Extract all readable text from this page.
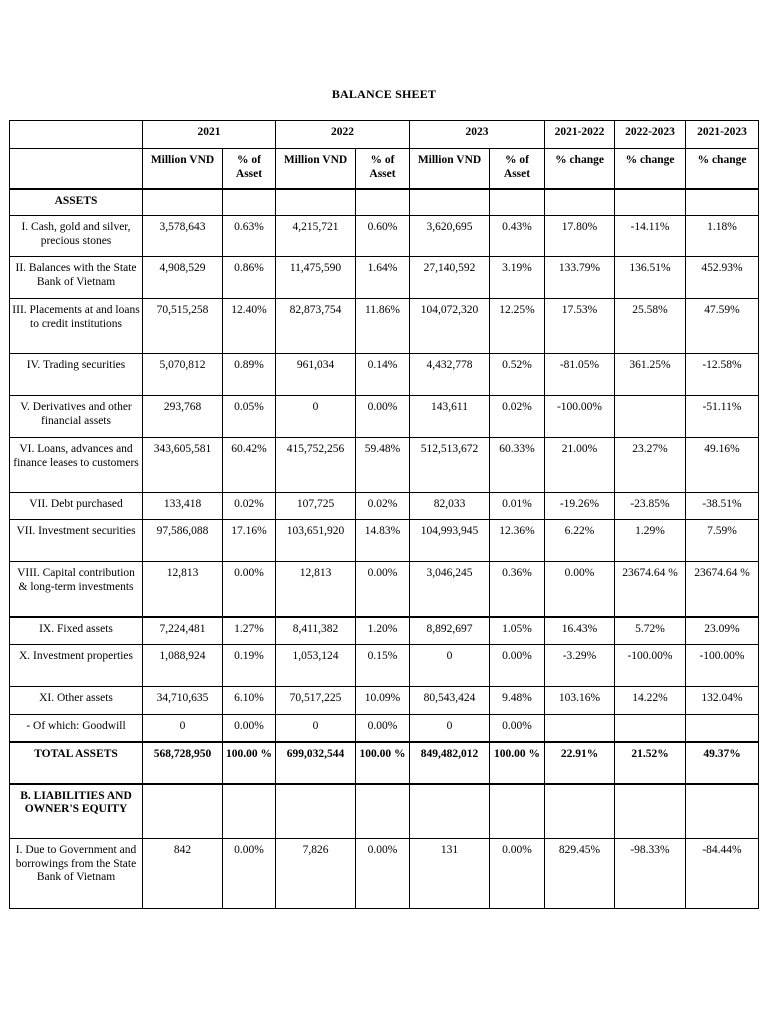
BALANCE SHEET
	2021		2022		2023		2021-2022	2022-2023	2021-2023
	Million VND	% of Asset	Million VND	% of Asset	Million VND	% of Asset	% change	% change	% change
ASSETS									
I. Cash, gold and silver, precious stones	3,578,643	0.63%	4,215,721	0.60%	3,620,695	0.43%	17.80%	-14.11%	1.18%
II. Balances with the State Bank of Vietnam	4,908,529	0.86%	11,475,590	1.64%	27,140,592	3.19%	133.79%	136.51%	452.93%
III. Placements at and loans to credit institutions	70,515,258	12.40%	82,873,754	11.86%	104,072,320	12.25%	17.53%	25.58%	47.59%
IV. Trading securities	5,070,812	0.89%	961,034	0.14%	4,432,778	0.52%	-81.05%	361.25%	-12.58%
V. Derivatives and other financial assets	293,768	0.05%	0	0.00%	143,611	0.02%	-100.00%		-51.11%
VI. Loans, advances and finance leases to customers	343,605,581	60.42%	415,752,256	59.48%	512,513,672	60.33%	21.00%	23.27%	49.16%
VII. Debt purchased	133,418	0.02%	107,725	0.02%	82,033	0.01%	-19.26%	-23.85%	-38.51%
VII. Investment securities	97,586,088	17.16%	103,651,920	14.83%	104,993,945	12.36%	6.22%	1.29%	7.59%
VIII. Capital contribution & long-term investments	12,813	0.00%	12,813	0.00%	3,046,245	0.36%	0.00%	23674.64 %	23674.64 %
IX. Fixed assets	7,224,481	1.27%	8,411,382	1.20%	8,892,697	1.05%	16.43%	5.72%	23.09%
X. Investment properties	1,088,924	0.19%	1,053,124	0.15%	0	0.00%	-3.29%	-100.00%	-100.00%
XI. Other assets	34,710,635	6.10%	70,517,225	10.09%	80,543,424	9.48%	103.16%	14.22%	132.04%
- Of which: Goodwill	0	0.00%	0	0.00%	0	0.00%			
TOTAL ASSETS	568,728,950	100.00 %	699,032,544	100.00 %	849,482,012	100.00 %	22.91%	21.52%	49.37%
B. LIABILITIES AND OWNER'S EQUITY									
I. Due to Government and borrowings from the State Bank of Vietnam	842	0.00%	7,826	0.00%	131	0.00%	829.45%	-98.33%	-84.44%
